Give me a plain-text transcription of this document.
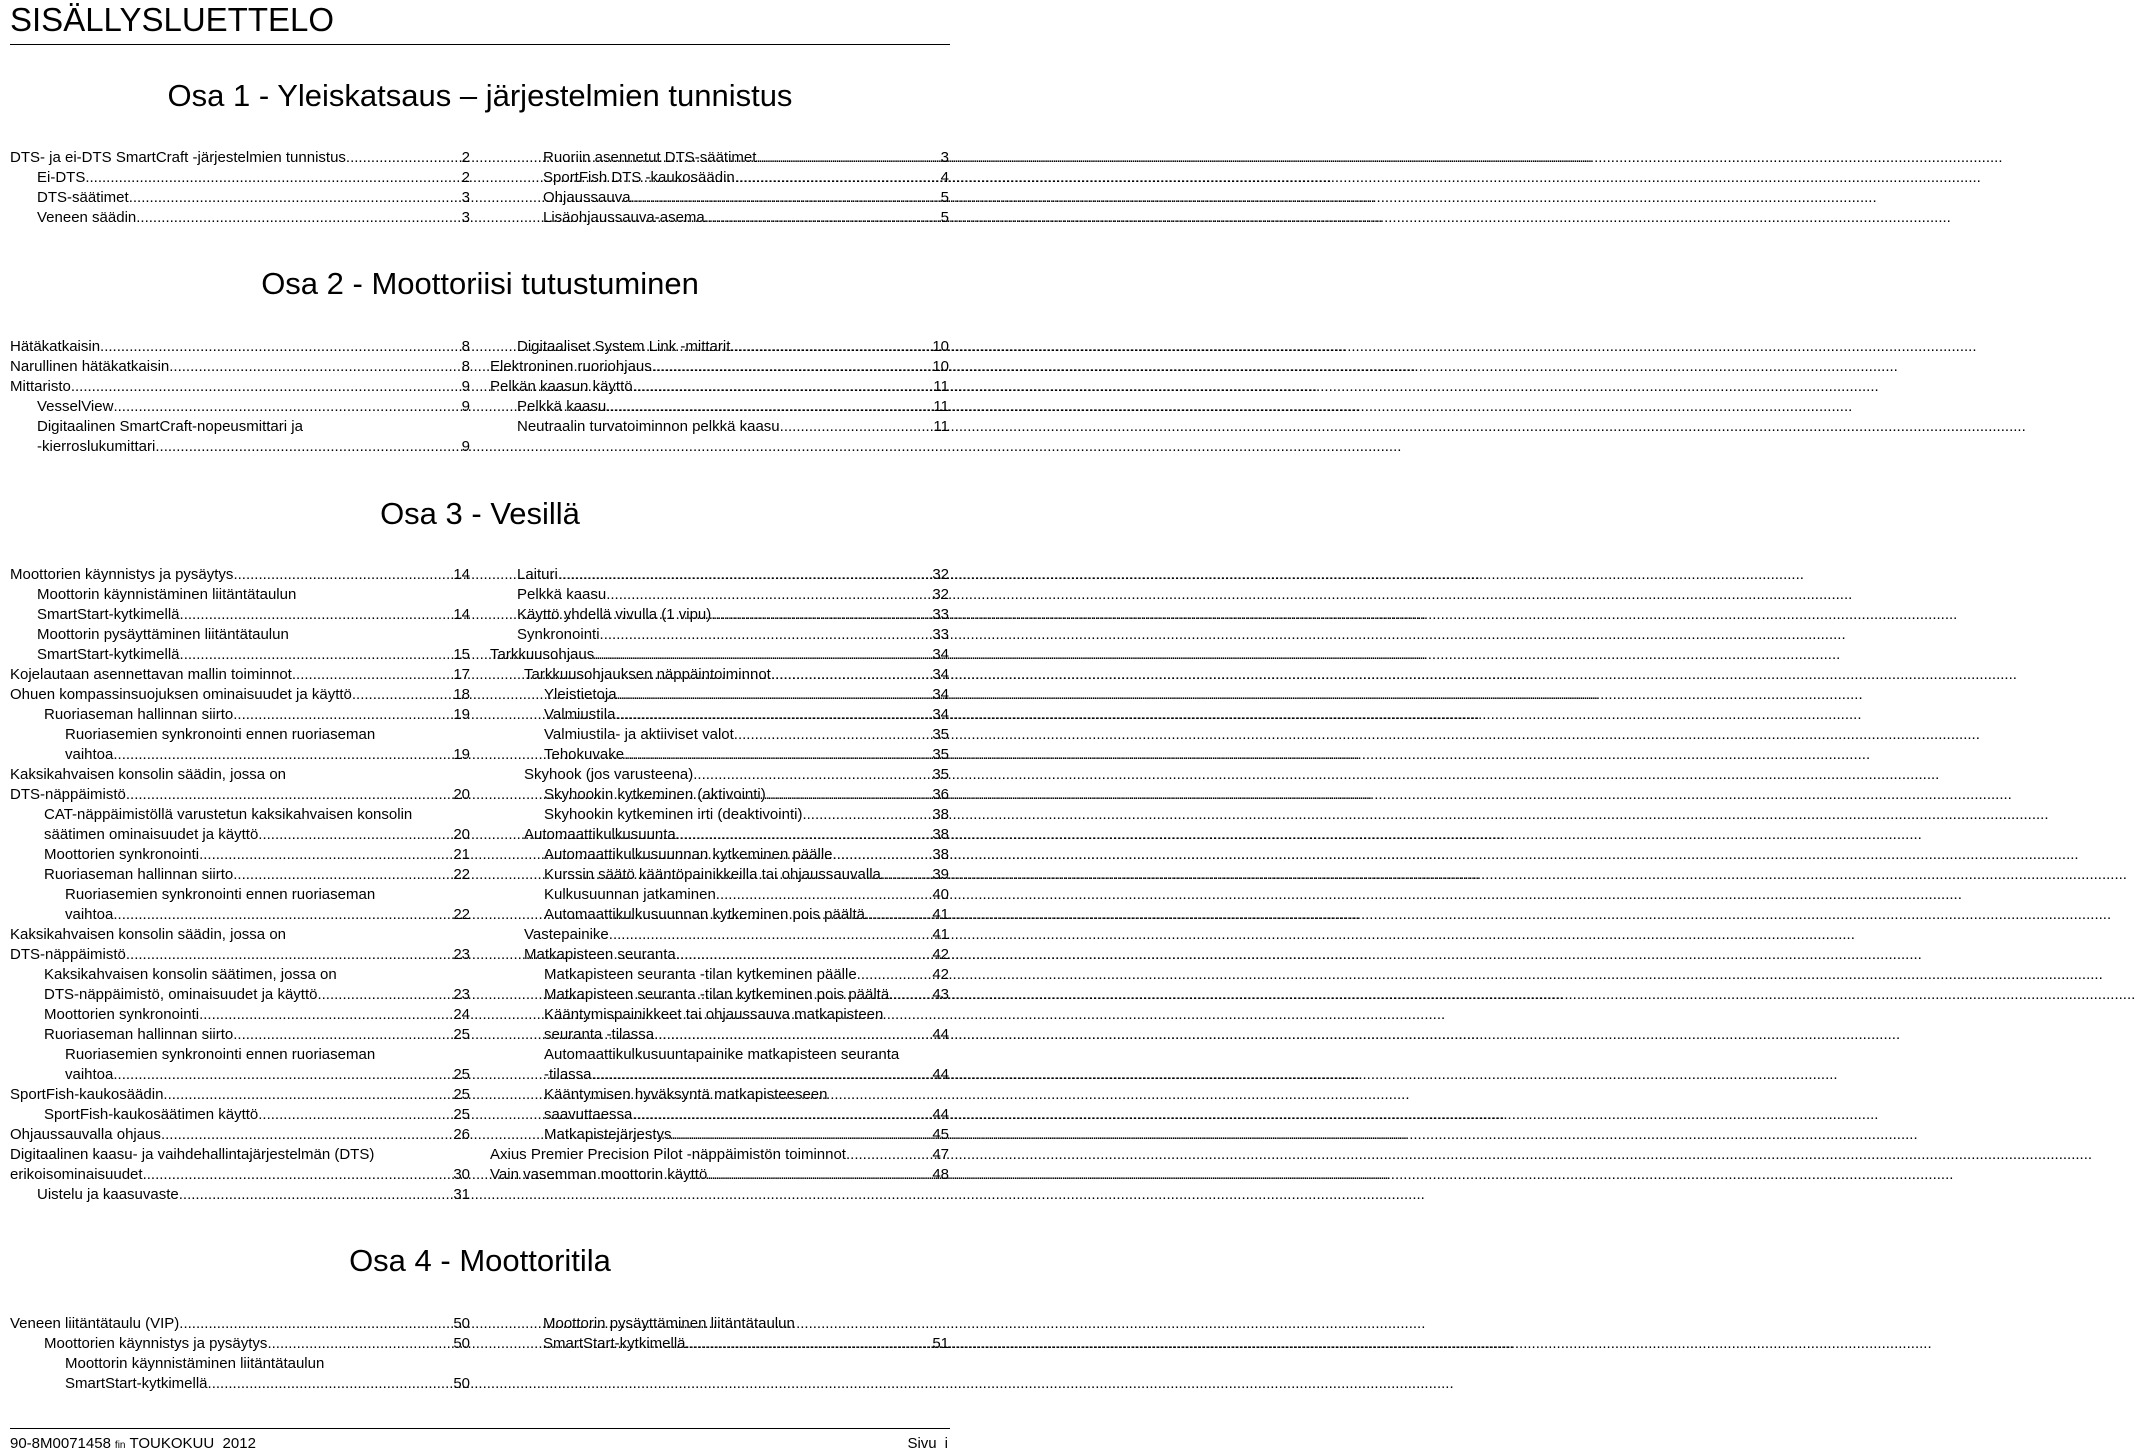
SISÄLLYSLUETTELO
Osa 1 - Yleiskatsaus – järjestelmien tunnistus
DTS- ja ei-DTS SmartCraft -järjestelmien tunnistus .....	2
Ei-DTS .....	2
DTS-säätimet .....	3
Veneen säädin .....	3
Ruoriin asennetut DTS-säätimet .....	3
SportFish DTS -kaukosäädin .....	4
Ohjaussauva .....	5
Lisäohjaussauva-asema .....	5
Osa 2 - Moottoriisi tutustuminen
Hätäkatkaisin .....	8
Narullinen hätäkatkaisin .....	8
Mittaristo .....	9
VesselView .....	9
Digitaalinen SmartCraft-nopeusmittari ja
-kierroslukumittari .....	9
Digitaaliset System Link -mittarit .....	10
Elektroninen ruoriohjaus .....	10
Pelkän kaasun käyttö .....	11
Pelkkä kaasu .....	11
Neutraalin turvatoiminnon pelkkä kaasu .....	11
Osa 3 - Vesillä
Moottorien käynnistys ja pysäytys .....	14
Moottorin käynnistäminen liitäntätaulun
SmartStart-kytkimellä .....	14
Moottorin pysäyttäminen liitäntätaulun
SmartStart-kytkimellä .....	15
Kojelautaan asennettavan mallin toiminnot .....	17
Ohuen kompassinsuojuksen ominaisuudet ja käyttö .....	18
Ruoriaseman hallinnan siirto .....	19
Ruoriasemien synkronointi ennen ruoriaseman
vaihtoa .....	19
Kaksikahvaisen konsolin säädin, jossa on
DTS-näppäimistö .....	20
CAT-näppäimistöllä varustetun kaksikahvaisen konsolin
säätimen ominaisuudet ja käyttö .....	20
Moottorien synkronointi .....	21
Ruoriaseman hallinnan siirto .....	22
Ruoriasemien synkronointi ennen ruoriaseman
vaihtoa .....	22
Kaksikahvaisen konsolin säädin, jossa on
DTS-näppäimistö .....	23
Kaksikahvaisen konsolin säätimen, jossa on
DTS-näppäimistö, ominaisuudet ja käyttö .....	23
Moottorien synkronointi .....	24
Ruoriaseman hallinnan siirto .....	25
Ruoriasemien synkronointi ennen ruoriaseman
vaihtoa .....	25
SportFish-kaukosäädin .....	25
SportFish-kaukosäätimen käyttö .....	25
Ohjaussauvalla ohjaus .....	26
Digitaalinen kaasu- ja vaihdehallintajärjestelmän (DTS)
erikoisominaisuudet .....	30
Uistelu ja kaasuvaste .....	31
Laituri .....	32
Pelkkä kaasu .....	32
Käyttö yhdellä vivulla (1 vipu) .....	33
Synkronointi .....	33
Tarkkuusohjaus .....	34
Tarkkuusohjauksen näppäintoiminnot .....	34
Yleistietoja .....	34
Valmiustila .....	34
Valmiustila- ja aktiiviset valot .....	35
Tehokuvake .....	35
Skyhook (jos varusteena) .....	35
Skyhookin kytkeminen (aktivointi) .....	36
Skyhookin kytkeminen irti (deaktivointi) .....	38
Automaattikulkusuunta .....	38
Automaattikulkusuunnan kytkeminen päälle .....	38
Kurssin säätö kääntöpainikkeilla tai ohjaussauvalla .....	39
Kulkusuunnan jatkaminen .....	40
Automaattikulkusuunnan kytkeminen pois päältä .....	41
Vastepainike .....	41
Matkapisteen seuranta .....	42
Matkapisteen seuranta -tilan kytkeminen päälle .....	42
Matkapisteen seuranta -tilan kytkeminen pois päältä .....	43
Kääntymispainikkeet tai ohjaussauva matkapisteen
seuranta -tilassa .....	44
Automaattikulkusuuntapainike matkapisteen seuranta
-tilassa .....	44
Kääntymisen hyväksyntä matkapisteeseen
saavuttaessa .....	44
Matkapistejärjestys .....	45
Axius Premier Precision Pilot -näppäimistön toiminnot .....	47
Vain vasemman moottorin käyttö .....	48
Osa 4 - Moottoritila
Veneen liitäntätaulu (VIP) .....	50
Moottorien käynnistys ja pysäytys .....	50
Moottorin käynnistäminen liitäntätaulun
SmartStart-kytkimellä .....	50
Moottorin pysäyttäminen liitäntätaulun
SmartStart-kytkimellä .....	51
90-8M0071458 fin TOUKOKUU  2012	Sivu i
